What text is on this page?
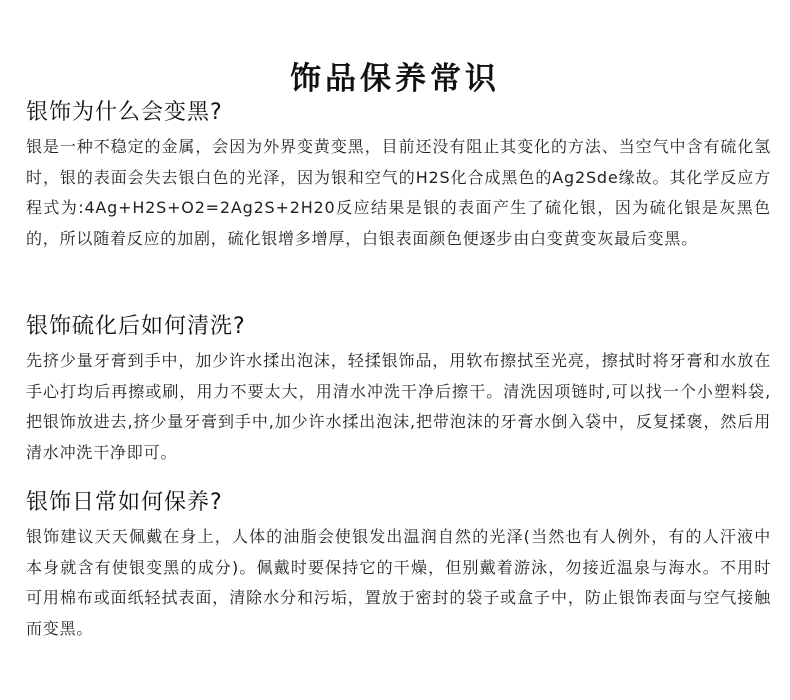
饰品保养常识
银饰为什么会变黑?

银是一种不稳定的金属，会因为外界变黄变黑，目前还没有阻止其变化的方法、当空气中含有硫化氢时，银的表面会失去银白色的光泽，因为银和空气的H2S化合成黑色的Ag2Sde缘故。其化学反应方程式为:4Ag+H2S+O2=2Ag2S+2H20反应结果是银的表面产生了硫化银，因为硫化银是灰黑色的，所以随着反应的加剧，硫化银增多增厚，白银表面颜色便逐步由白变黄变灰最后变黑。

银饰硫化后如何清洗?

先挤少量牙膏到手中，加少许水揉出泡沫，轻揉银饰品，用软布擦拭至光亮，擦拭时将牙膏和水放在手心打均后再擦或刷，用力不要太大，用清水冲洗干净后擦干。清洗因项链时,可以找一个小塑料袋,把银饰放进去,挤少量牙膏到手中,加少许水揉出泡沫,把带泡沫的牙膏水倒入袋中，反复揉褒，然后用清水冲洗干净即可。

银饰日常如何保养?

银饰建议天天佩戴在身上，人体的油脂会使银发出温润自然的光泽(当然也有人例外，有的人汗液中本身就含有使银变黑的成分)。佩戴时要保持它的干燥，但别戴着游泳，勿接近温泉与海水。不用时可用棉布或面纸轻拭表面，清除水分和污垢，置放于密封的袋子或盒子中，防止银饰表面与空气接触而变黑。
